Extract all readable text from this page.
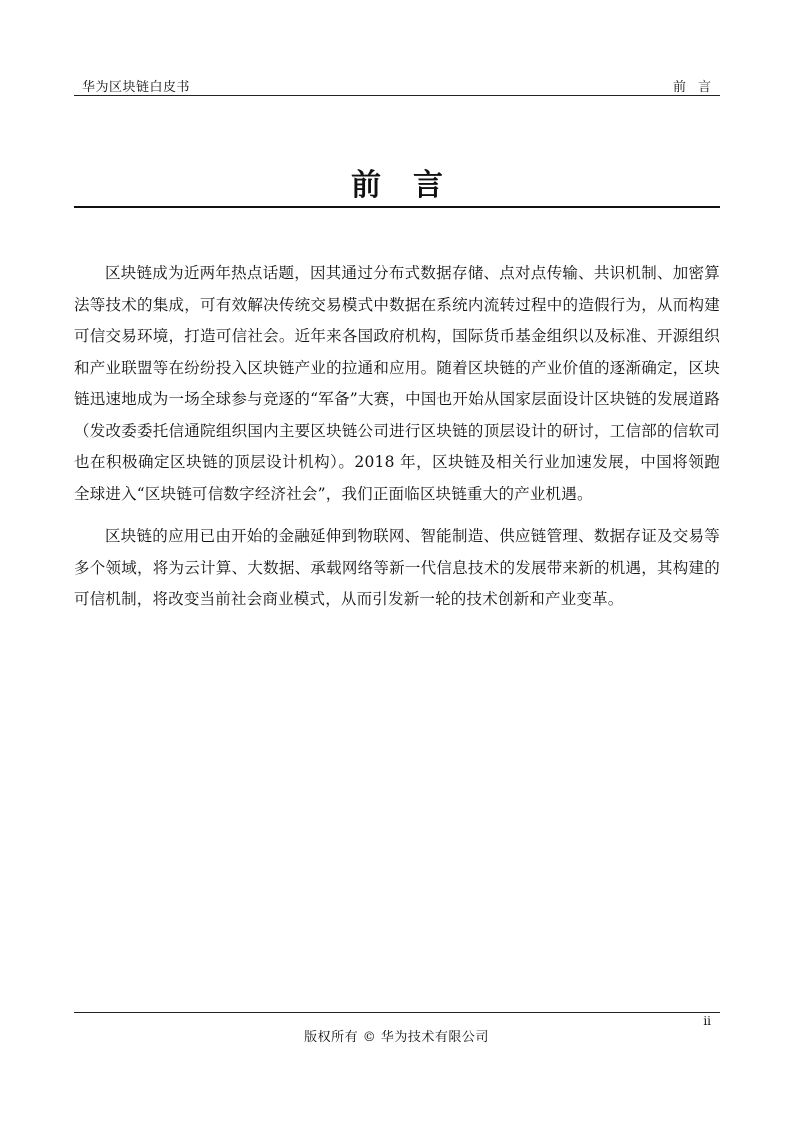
华为区块链白皮书	前言
前言

区块链成为近两年热点话题，因其通过分布式数据存储、点对点传输、共识机制、加密算法等技术的集成，可有效解决传统交易模式中数据在系统内流转过程中的造假行为，从而构建可信交易环境，打造可信社会。近年来各国政府机构，国际货币基金组织以及标准、开源组织和产业联盟等在纷纷投入区块链产业的拉通和应用。随着区块链的产业价值的逐渐确定，区块链迅速地成为一场全球参与竞逐的“军备”大赛，中国也开始从国家层面设计区块链的发展道路（发改委委托信通院组织国内主要区块链公司进行区块链的顶层设计的研讨，工信部的信软司也在积极确定区块链的顶层设计机构）。2018 年，区块链及相关行业加速发展，中国将领跑全球进入“区块链可信数字经济社会”，我们正面临区块链重大的产业机遇。

区块链的应用已由开始的金融延伸到物联网、智能制造、供应链管理、数据存证及交易等多个领域，将为云计算、大数据、承载网络等新一代信息技术的发展带来新的机遇，其构建的可信机制，将改变当前社会商业模式，从而引发新一轮的技术创新和产业变革。

ii
版权所有 © 华为技术有限公司
